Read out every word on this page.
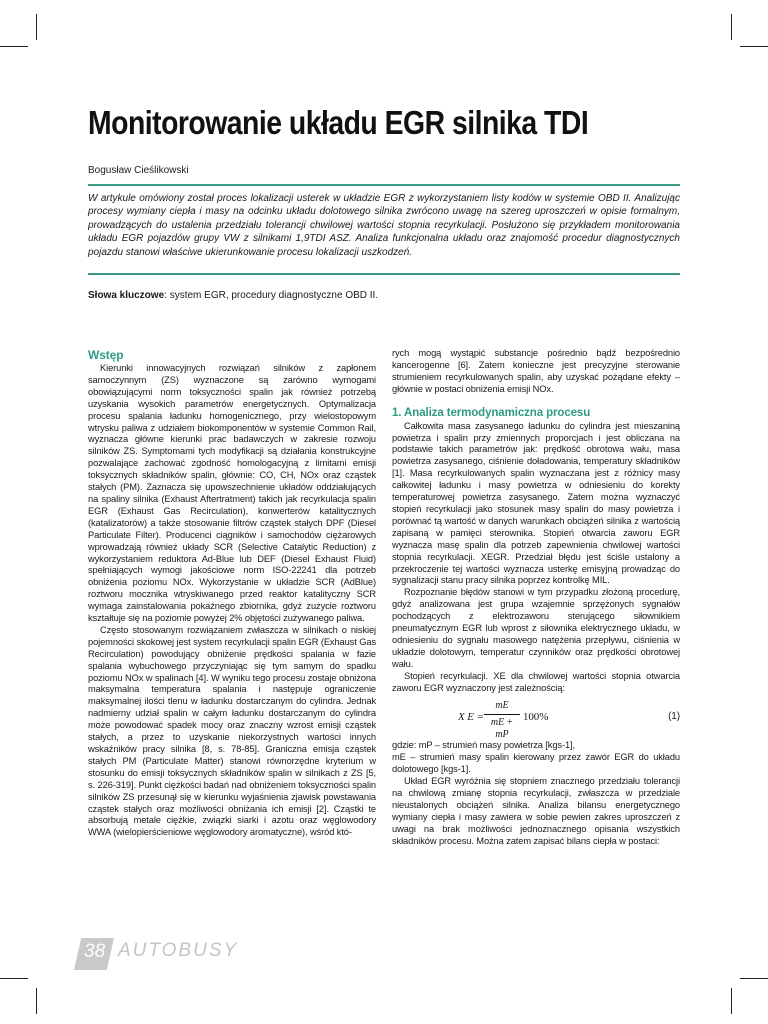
Monitorowanie układu EGR silnika TDI
Bogusław Cieślikowski

W artykule omówiony został proces lokalizacji usterek w układzie EGR z wykorzystaniem listy kodów w systemie OBD II. Analizując procesy wymiany ciepła i masy na odcinku układu dolotowego silnika zwrócono uwagę na szereg uproszczeń w opisie formalnym, prowadzących do ustalenia przedziału tolerancji chwilowej wartości stopnia recyrkulacji. Posłużono się przykładem monitorowania układu EGR pojazdów grupy VW z silnikami 1,9TDI ASZ. Analiza funkcjonalna układu oraz znajomość procedur diagnostycznych pojazdu stanowi właściwe ukierunkowanie procesu lokalizacji uszkodzeń.

Słowa kluczowe: system EGR, procedury diagnostyczne OBD II.
Wstęp

Kierunki innowacyjnych rozwiązań silników z zapłonem samoczynnym (ZS) wyznaczone są zarówno wymogami obowiązującymi norm toksyczności spalin jak również potrzebą uzyskania wysokich parametrów energetycznych. Optymalizacja procesu spalania ładunku homogenicznego, przy wielostopowym wtrysku paliwa z udziałem biokomponentów w systemie Common Rail, wyznacza główne kierunki prac badawczych w zakresie rozwoju silników ZS. Symptomami tych modyfikacji są działania konstrukcyjne pozwalające zachować zgodność homologacyjną z limitami emisji toksycznych składników spalin, głównie: CO, CH, NOx oraz cząstek stałych (PM). Zaznacza się upowszechnienie układów oddziałujących na spaliny silnika (Exhaust Aftertratment) takich jak recyrkulacja spalin EGR (Exhaust Gas Recirculation), konwerterów katalitycznych (katalizatorów) a także stosowanie filtrów cząstek stałych DPF (Diesel Particulate Filter). Producenci ciągników i samochodów ciężarowych wprowadzają również układy SCR (Selective Catalytic Reduction) z wykorzystaniem reduktora Ad-Blue lub DEF (Diesel Exhaust Fluid) spełniających wymogi jakościowe norm ISO-22241 dla potrzeb obniżenia poziomu NOx. Wykorzystanie w układzie SCR (AdBlue) roztworu mocznika wtryskiwanego przed reaktor katalityczny SCR wymaga zainstalowania pokaźnego zbiornika, gdyż zużycie roztworu kształtuje się na poziomie powyżej 2% objętości zużywanego paliwa.

Często stosowanym rozwiązaniem zwłaszcza w silnikach o niskiej pojemności skokowej jest system recyrkulacji spalin EGR (Exhaust Gas Recirculation) powodujący obniżenie prędkości spalania w fazie spalania wybuchowego przyczyniając się tym samym do spadku poziomu NOx w spalinach [4]. W wyniku tego procesu zostaje obniżona maksymalna temperatura spalania i następuje ograniczenie maksymalnej ilości tlenu w ładunku dostarczanym do cylindra. Jednak nadmierny udział spalin w całym ładunku dostarczanym do cylindra może powodować spadek mocy oraz znaczny wzrost emisji cząstek stałych, a przez to uzyskanie niekorzystnych wartości innych wskaźników pracy silnika [8, s. 78-85]. Graniczna emisja cząstek stałych PM (Particulate Matter) stanowi równorzędne kryterium w stosunku do emisji toksycznych składników spalin w silnikach z ZS [5, s. 226-319]. Punkt ciężkości badań nad obniżeniem toksyczności spalin silników ZS przesunął się w kierunku wyjaśnienia zjawisk powstawania cząstek stałych oraz możliwości obniżania ich emisji [2]. Cząstki te absorbują metale ciężkie, związki siarki i azotu oraz węglowodory WWA (wielopierścieniowe węglowodory aromatyczne), wśród któ-

rych mogą wystąpić substancje pośrednio bądź bezpośrednio kancerogenne [6]. Zatem konieczne jest precyzyjne sterowanie strumieniem recyrkulowanych spalin, aby uzyskać pożądane efekty – głównie w postaci obniżenia emisji NOx.

1. Analiza termodynamiczna procesu

Całkowita masa zasysanego ładunku do cylindra jest mieszaniną powietrza i spalin przy zmiennych proporcjach i jest obliczana na podstawie takich parametrów jak: prędkość obrotowa wału, masa powietrza zasysanego, ciśnienie doładowania, temperatury składników [1]. Masa recyrkulowanych spalin wyznaczana jest z różnicy masy całkowitej ładunku i masy powietrza w odniesieniu do korekty temperaturowej powietrza zasysanego. Zatem można wyznaczyć stopień recyrkulacji jako stosunek masy spalin do masy powietrza i porównać tą wartość w danych warunkach obciążeń silnika z wartością zapisaną w pamięci sterownika. Stopień otwarcia zaworu EGR wyznacza masę spalin dla potrzeb zapewnienia chwilowej wartości stopnia recyrkulacji. XEGR. Przedział błędu jest ściśle ustalony a przekroczenie tej wartości wyznacza usterkę emisyjną prowadząc do sygnalizacji stanu pracy silnika poprzez kontrolkę MIL.

Rozpoznanie błędów stanowi w tym przypadku złożoną procedurę, gdyż analizowana jest grupa wzajemnie sprzężonych sygnałów pochodzących z elektrozaworu sterującego siłownikiem pneumatycznym EGR lub wprost z siłownika elektrycznego układu, w odniesieniu do sygnału masowego natężenia przepływu, ciśnienia w układzie dolotowym, temperatur czynników oraz prędkości obrotowej wału.

Stopień recyrkulacji. XE dla chwilowej wartości stopnia otwarcia zaworu EGR wyznaczony jest zależnością:

X E =
mE
mE + mP
100%	(1)

gdzie: mP – strumień masy powietrza [kgs-1],

mE – strumień masy spalin kierowany przez zawór EGR do układu dolotowego [kgs-1].

Układ EGR wyróżnia się stopniem znacznego przedziału tolerancji na chwilową zmianę stopnia recyrkulacji, zwłaszcza w przedziale nieustalonych obciążeń silnika. Analiza bilansu energetycznego wymiany ciepła i masy zawiera w sobie pewien zakres uproszczeń z uwagi na brak możliwości jednoznacznego opisania wszystkich składników procesu. Można zatem zapisać bilans ciepła w postaci:

38 AUTOBUSY
